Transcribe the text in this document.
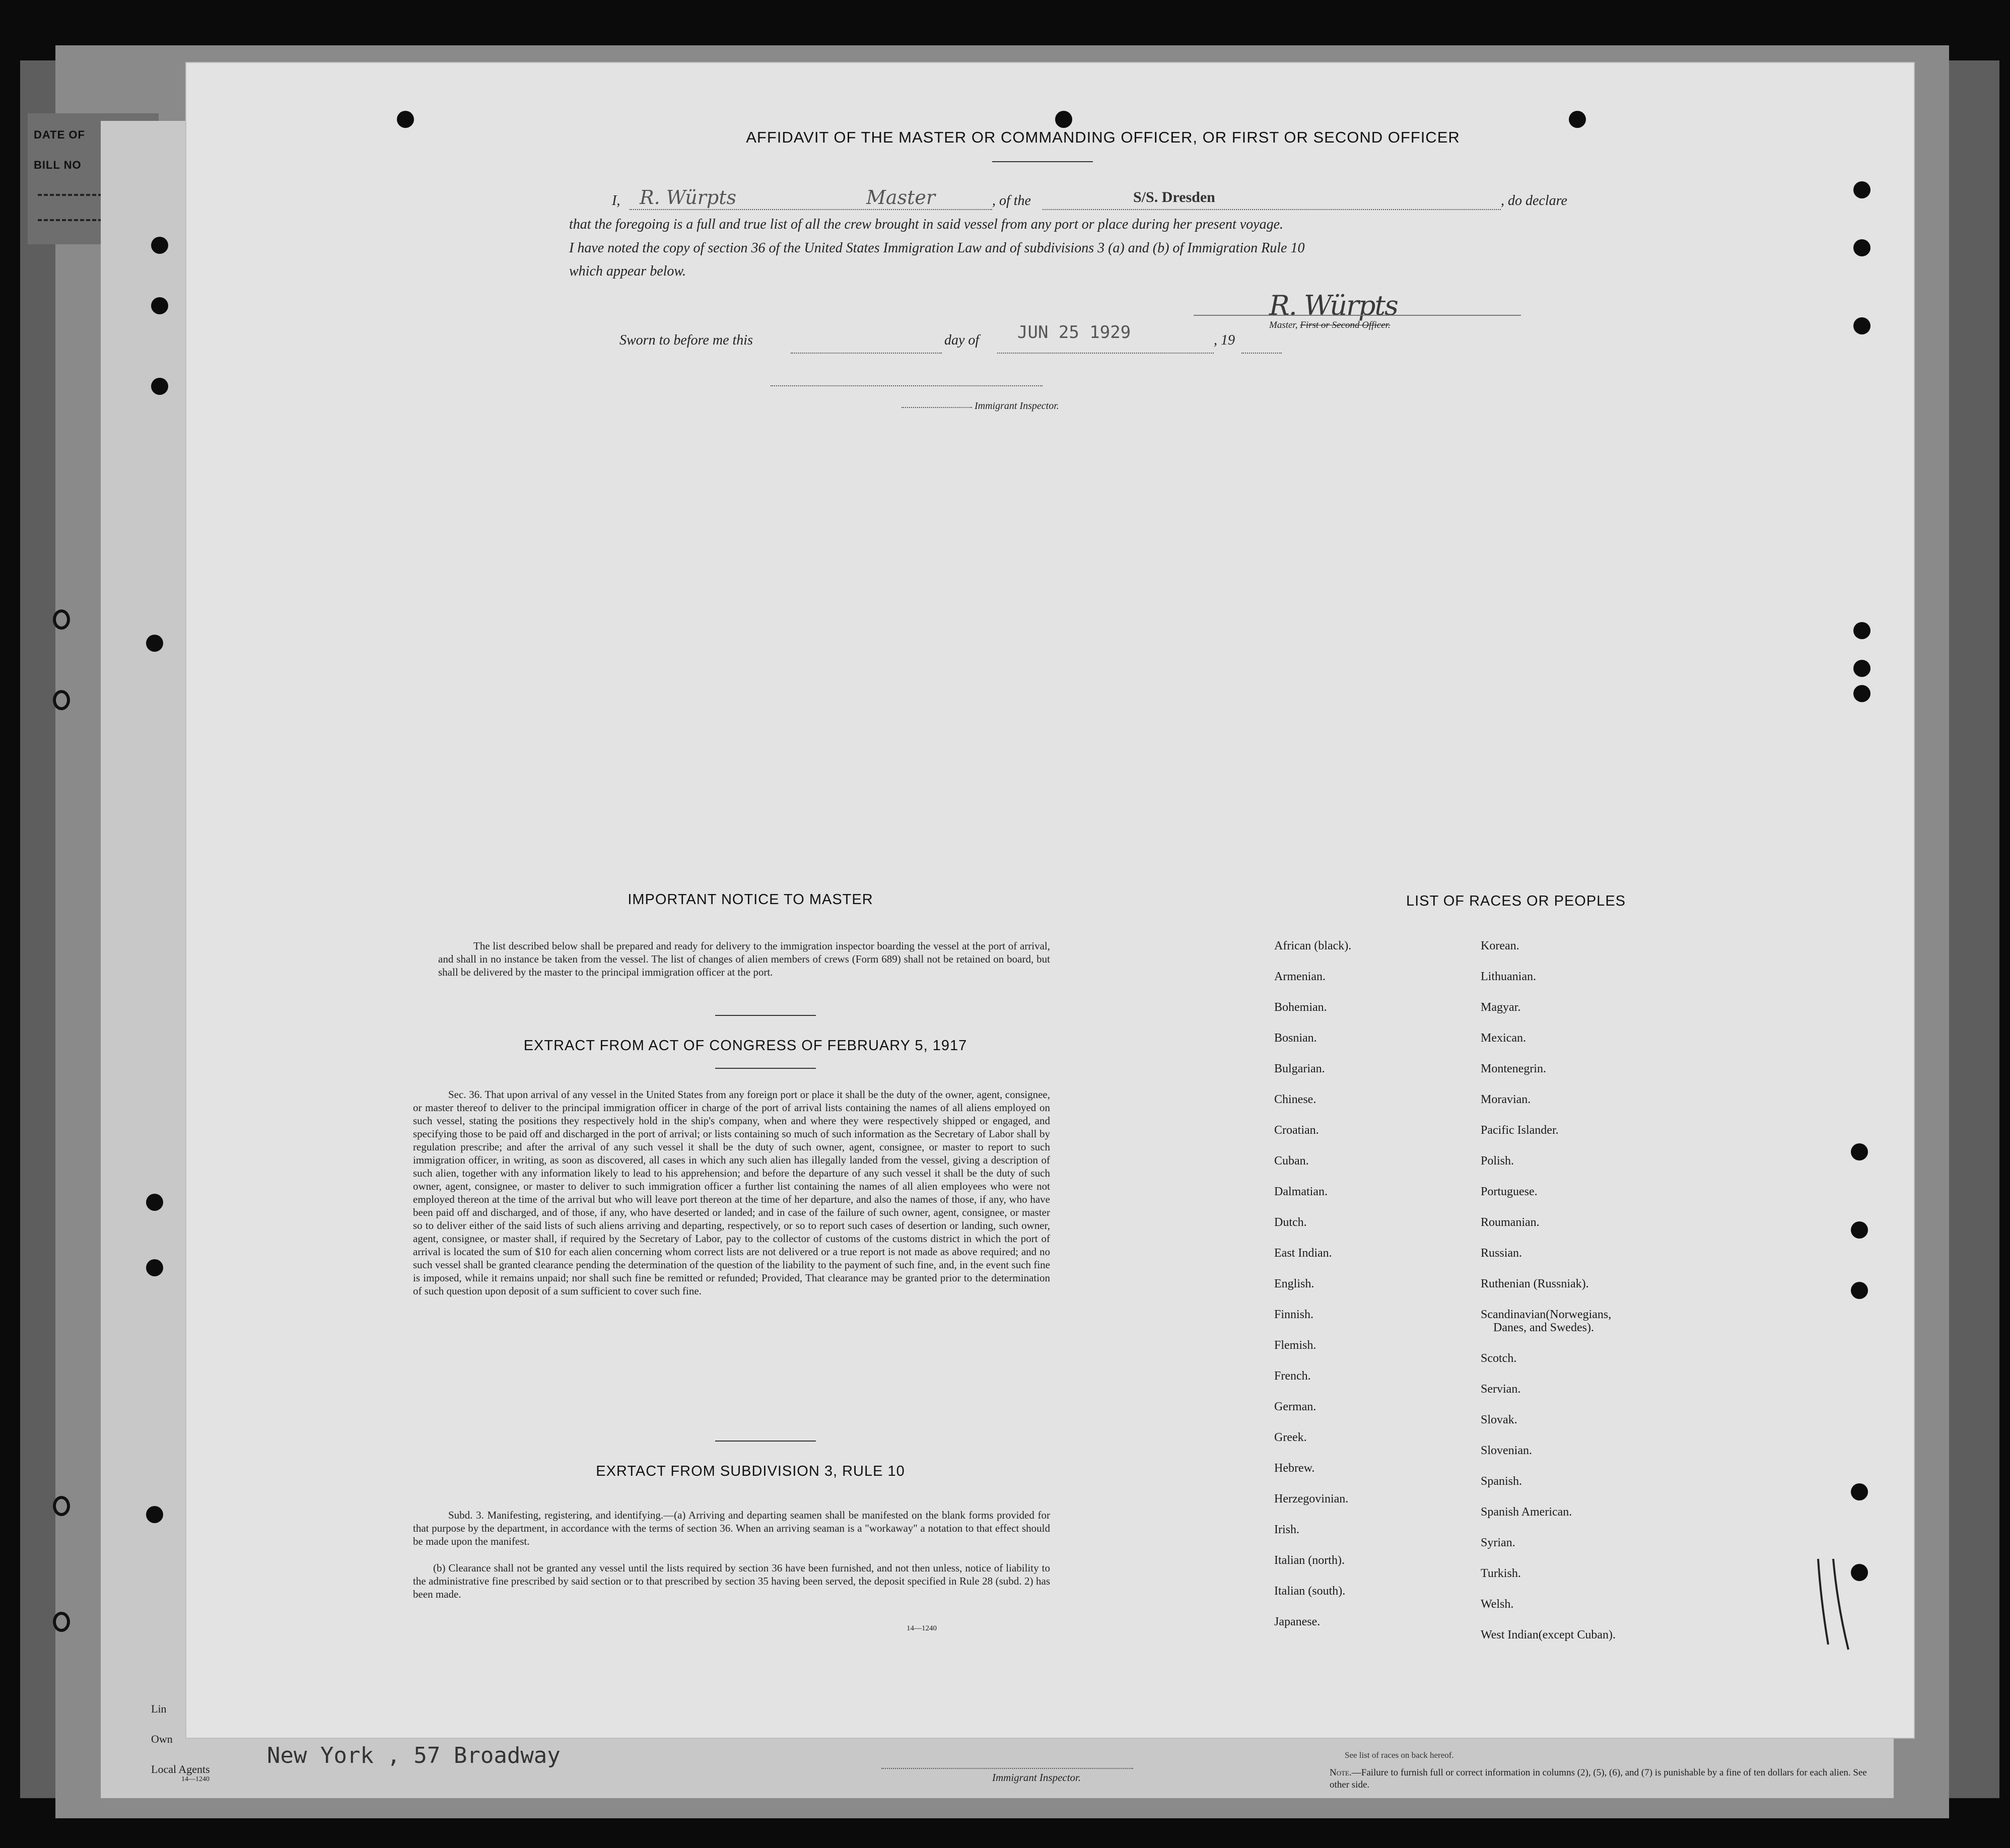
DATE OF
BILL NO
Lin
Own
Local Agents
14—1240
New York , 57 Broadway
Immigrant Inspector.
See list of races on back hereof.
Note.—Failure to furnish full or correct information in columns (2), (5), (6), and (7) is punishable by a fine of ten dollars for each alien. See other side.
AFFIDAVIT OF THE MASTER OR COMMANDING OFFICER, OR FIRST OR SECOND OFFICER
I, R. Würpts	Master	, of the	S/S. Dresden	, do declare
that the foregoing is a full and true list of all the crew brought in said vessel from any port or place during her present voyage.
I have noted the copy of section 36 of the United States Immigration Law and of subdivisions 3 (a) and (b) of Immigration Rule 10
which appear below.
R. Würpts
Master, First or Second Officer.
Sworn to before me this	day of JUN 25 1929	, 19
Immigrant Inspector.
IMPORTANT NOTICE TO MASTER
The list described below shall be prepared and ready for delivery to the immigration inspector boarding the vessel at the port of arrival, and shall in no instance be taken from the vessel. The list of changes of alien members of crews (Form 689) shall not be retained on board, but shall be delivered by the master to the principal immigration officer at the port.
EXTRACT FROM ACT OF CONGRESS OF FEBRUARY 5, 1917
Sec. 36. That upon arrival of any vessel in the United States from any foreign port or place it shall be the duty of the owner, agent, consignee, or master thereof to deliver to the principal immigration officer in charge of the port of arrival lists containing the names of all aliens employed on such vessel, stating the positions they respectively hold in the ship's company, when and where they were respectively shipped or engaged, and specifying those to be paid off and discharged in the port of arrival; or lists containing so much of such information as the Secretary of Labor shall by regulation prescribe; and after the arrival of any such vessel it shall be the duty of such owner, agent, consignee, or master to report to such immigration officer, in writing, as soon as discovered, all cases in which any such alien has illegally landed from the vessel, giving a description of such alien, together with any information likely to lead to his apprehension; and before the departure of any such vessel it shall be the duty of such owner, agent, consignee, or master to deliver to such immigration officer a further list containing the names of all alien employees who were not employed thereon at the time of the arrival but who will leave port thereon at the time of her departure, and also the names of those, if any, who have been paid off and discharged, and of those, if any, who have deserted or landed; and in case of the failure of such owner, agent, consignee, or master so to deliver either of the said lists of such aliens arriving and departing, respectively, or so to report such cases of desertion or landing, such owner, agent, consignee, or master shall, if required by the Secretary of Labor, pay to the collector of customs of the customs district in which the port of arrival is located the sum of $10 for each alien concerning whom correct lists are not delivered or a true report is not made as above required; and no such vessel shall be granted clearance pending the determination of the question of the liability to the payment of such fine, and, in the event such fine is imposed, while it remains unpaid; nor shall such fine be remitted or refunded; Provided, That clearance may be granted prior to the determination of such question upon deposit of a sum sufficient to cover such fine.
EXRTACT FROM SUBDIVISION 3, RULE 10
Subd. 3. Manifesting, registering, and identifying.—(a) Arriving and departing seamen shall be manifested on the blank forms provided for that purpose by the department, in accordance with the terms of section 36. When an arriving seaman is a "workaway" a notation to that effect should be made upon the manifest.
(b) Clearance shall not be granted any vessel until the lists required by section 36 have been furnished, and not then unless, notice of liability to the administrative fine prescribed by said section or to that prescribed by section 35 having been served, the deposit specified in Rule 28 (subd. 2) has been made.
14—1240
LIST OF RACES OR PEOPLES
African (black).
Armenian.
Bohemian.
Bosnian.
Bulgarian.
Chinese.
Croatian.
Cuban.
Dalmatian.
Dutch.
East Indian.
English.
Finnish.
Flemish.
French.
German.
Greek.
Hebrew.
Herzegovinian.
Irish.
Italian (north).
Italian (south).
Japanese.
Korean.
Lithuanian.
Magyar.
Mexican.
Montenegrin.
Moravian.
Pacific Islander.
Polish.
Portuguese.
Roumanian.
Russian.
Ruthenian (Russniak).
Scandinavian(Norwegians,
Danes, and Swedes).
Scotch.
Servian.
Slovak.
Slovenian.
Spanish.
Spanish American.
Syrian.
Turkish.
Welsh.
West Indian(except Cuban).
